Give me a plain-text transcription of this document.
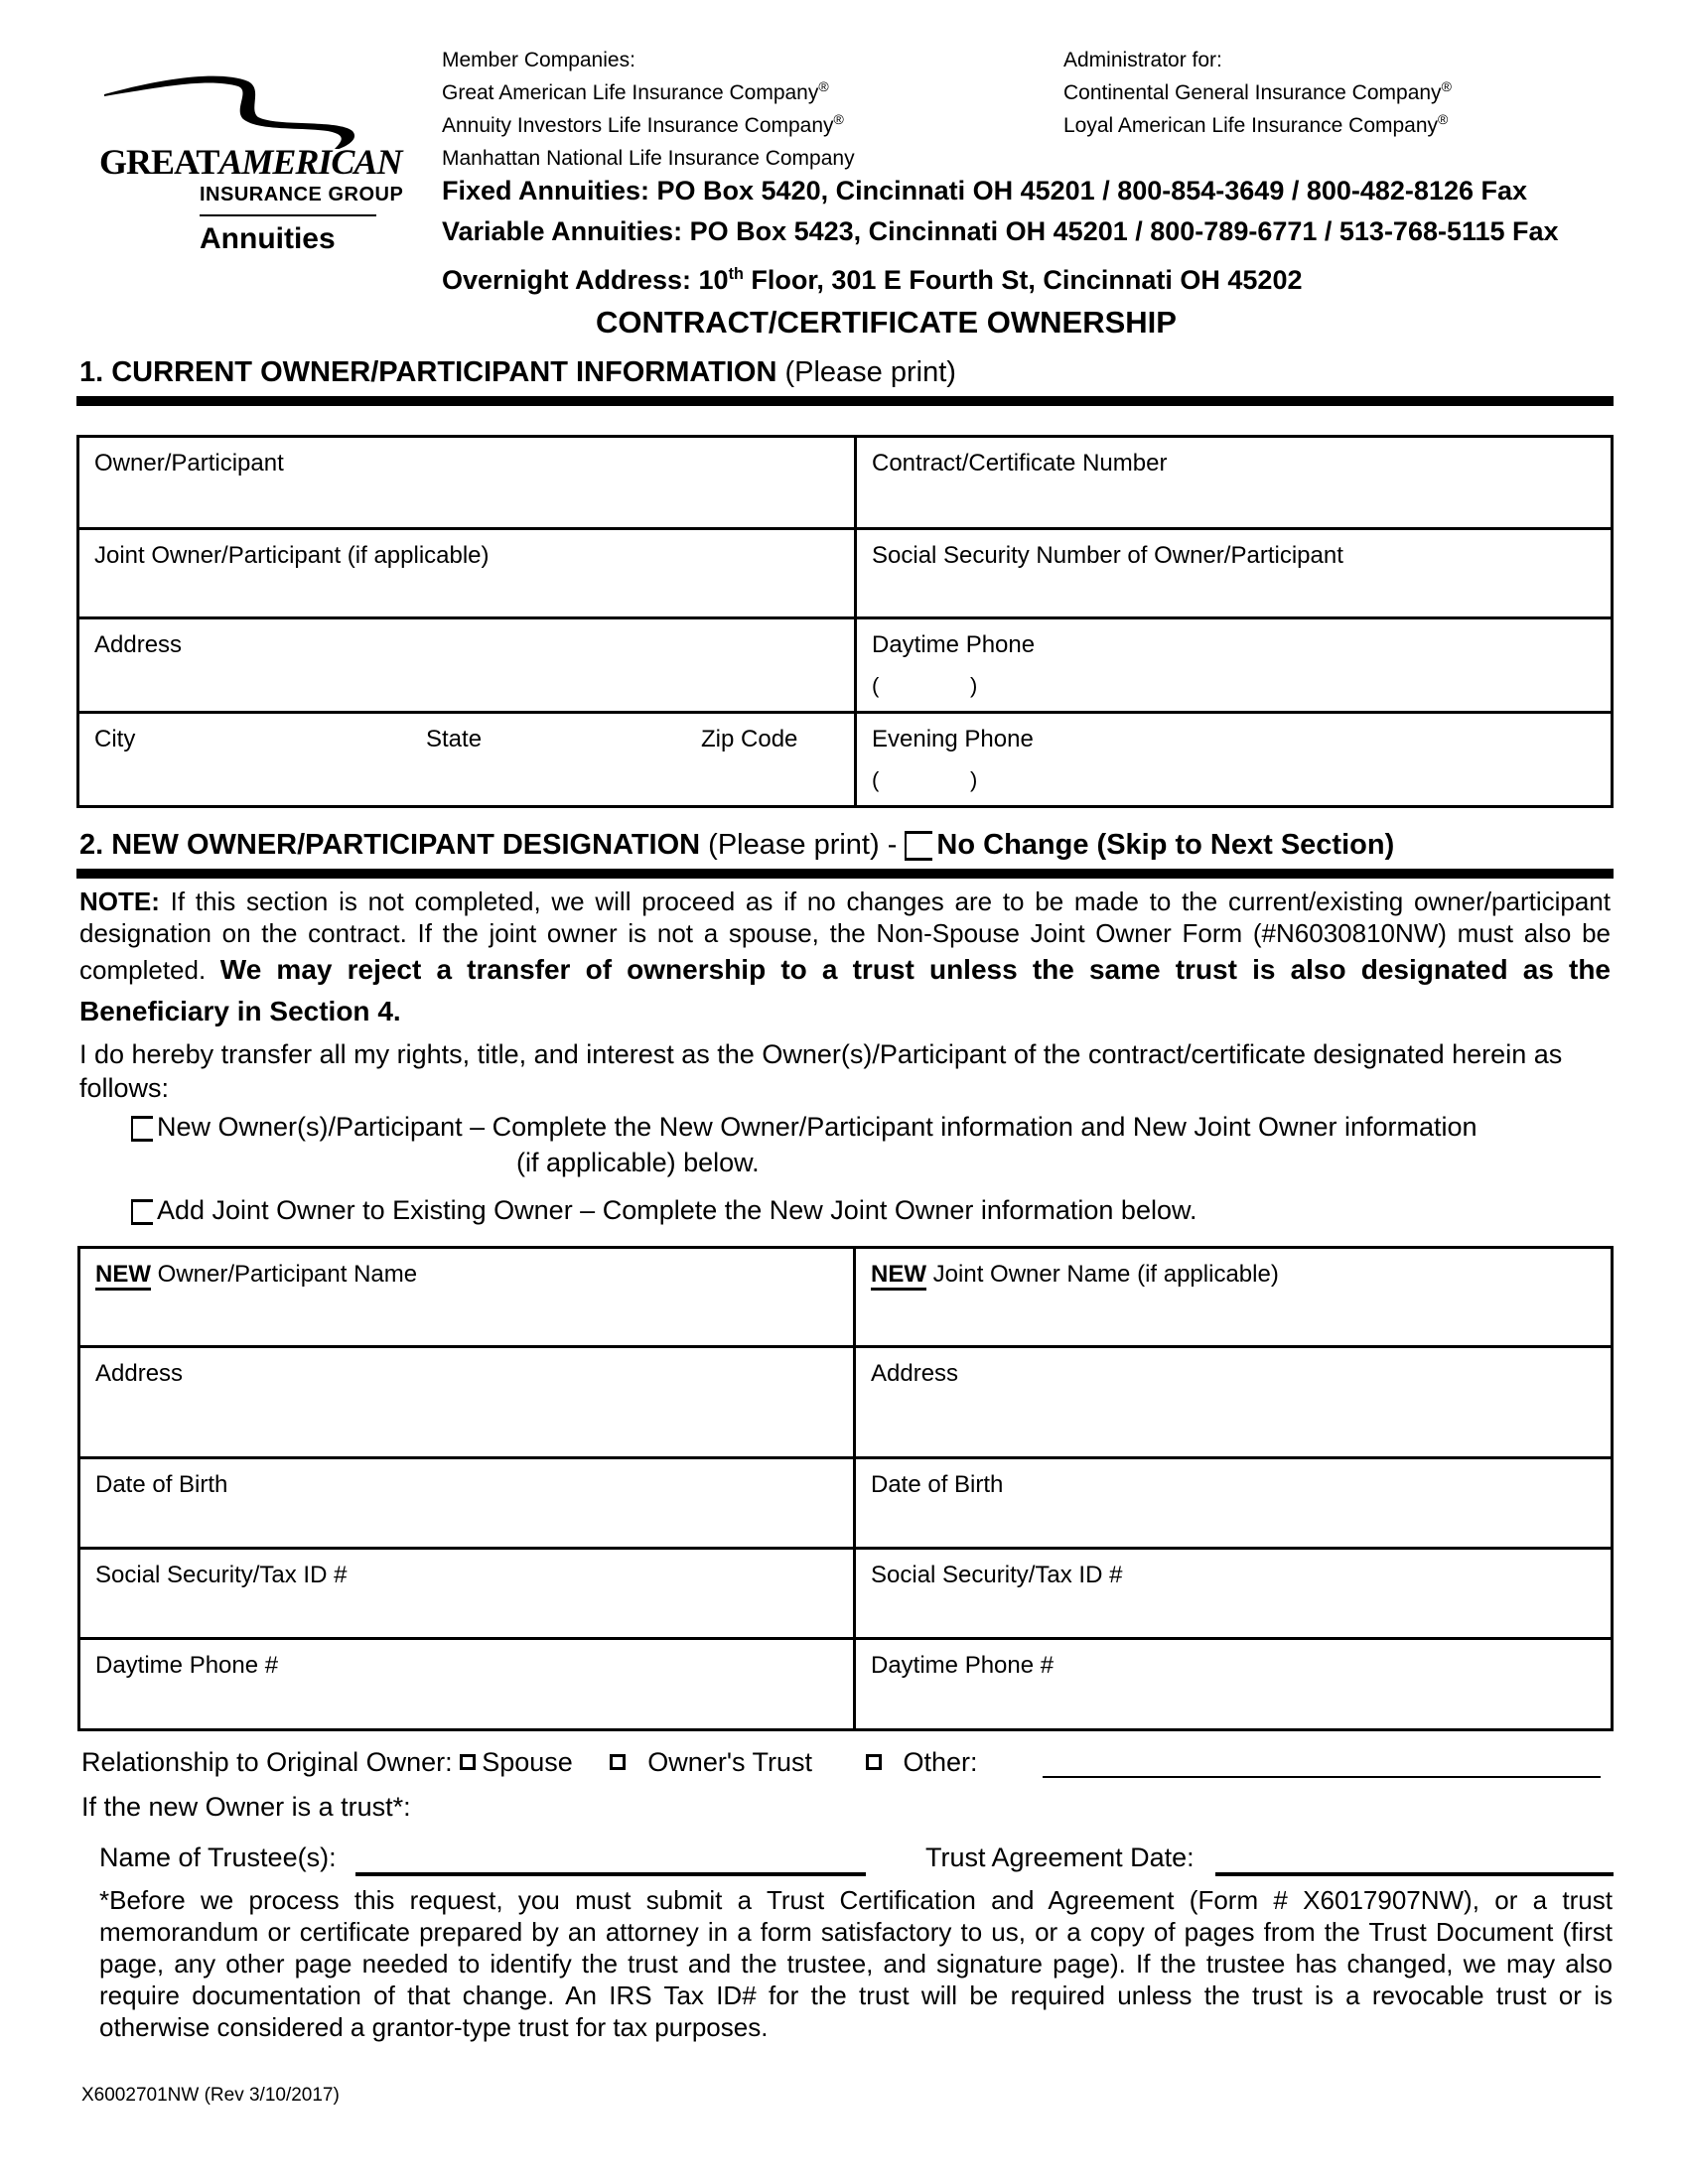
GREATAMERICAN
INSURANCE GROUP
Annuities
Member Companies:
Great American Life Insurance Company®
Annuity Investors Life Insurance Company®
Manhattan National Life Insurance Company
Administrator for:
Continental General Insurance Company®
Loyal American Life Insurance Company®
Fixed Annuities: PO Box 5420, Cincinnati OH 45201 / 800-854-3649 / 800-482-8126 Fax
Variable Annuities: PO Box 5423, Cincinnati OH 45201 / 800-789-6771 / 513-768-5115 Fax
Overnight Address: 10th Floor, 301 E Fourth St, Cincinnati OH 45202
CONTRACT/CERTIFICATE OWNERSHIP
1. CURRENT OWNER/PARTICIPANT INFORMATION (Please print)
Owner/Participant	Contract/Certificate Number
Joint Owner/Participant (if applicable)	Social Security Number of Owner/Participant
Address	Daytime Phone
(               )

City State Zip Code	Evening Phone
(               )
2. NEW OWNER/PARTICIPANT DESIGNATION (Please print) - No Change (Skip to Next Section)
NOTE: If this section is not completed, we will proceed as if no changes are to be made to the current/existing owner/participant designation on the contract. If the joint owner is not a spouse, the Non-Spouse Joint Owner Form (#N6030810NW) must also be completed. We may reject a transfer of ownership to a trust unless the same trust is also designated as the Beneficiary in Section 4.
I do hereby transfer all my rights, title, and interest as the Owner(s)/Participant of the contract/certificate designated herein as follows:
New Owner(s)/Participant – Complete the New Owner/Participant information and New Joint Owner information
(if applicable) below.
Add Joint Owner to Existing Owner – Complete the New Joint Owner information below.
NEW Owner/Participant Name	NEW Joint Owner Name (if applicable)
Address	Address
Date of Birth	Date of Birth
Social Security/Tax ID #	Social Security/Tax ID #
Daytime Phone #	Daytime Phone #
Relationship to Original Owner: Spouse	Owner's Trust	Other:
If the new Owner is a trust*:
Name of Trustee(s):	Trust Agreement Date:
*Before we process this request, you must submit a Trust Certification and Agreement (Form # X6017907NW), or a trust memorandum or certificate prepared by an attorney in a form satisfactory to us, or a copy of pages from the Trust Document (first page, any other page needed to identify the trust and the trustee, and signature page). If the trustee has changed, we may also require documentation of that change. An IRS Tax ID# for the trust will be required unless the trust is a revocable trust or is otherwise considered a grantor-type trust for tax purposes.
X6002701NW (Rev 3/10/2017)
